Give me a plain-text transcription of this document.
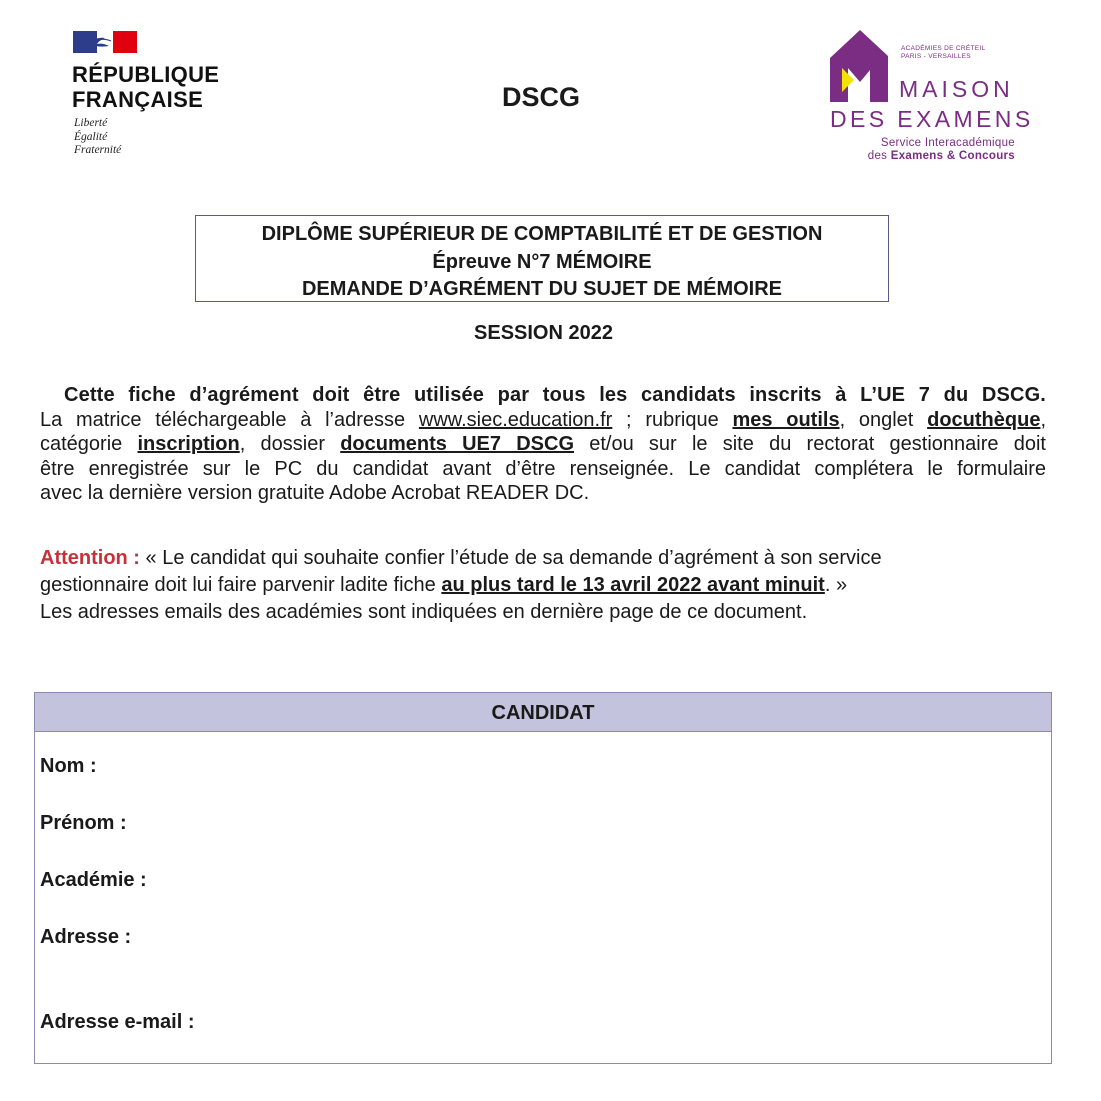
RÉPUBLIQUE
FRANÇAISE
Liberté
Égalité
Fraternité
DSCG
ACADÉMIES DE CRÉTEIL
PARIS - VERSAILLES
MAISON
DES EXAMENS
Service Interacadémique
des Examens & Concours
DIPLÔME SUPÉRIEUR DE COMPTABILITÉ ET DE GESTION
Épreuve N°7 MÉMOIRE
DEMANDE D’AGRÉMENT DU SUJET DE MÉMOIRE
SESSION 2022
Cette fiche d’agrément doit être utilisée par tous les candidats inscrits à L’UE 7 du DSCG.
La matrice téléchargeable à l’adresse www.siec.education.fr ; rubrique mes outils, onglet docuthèque,
catégorie inscription, dossier documents UE7 DSCG et/ou sur le site du rectorat gestionnaire doit
être enregistrée sur le PC du candidat avant d’être renseignée. Le candidat complétera le formulaire
avec la dernière version gratuite Adobe Acrobat READER DC.
Attention : « Le candidat qui souhaite confier l’étude de sa demande d’agrément à son service
gestionnaire doit lui faire parvenir ladite fiche au plus tard le 13 avril 2022 avant minuit. »
Les adresses emails des académies sont indiquées en dernière page de ce document.
CANDIDAT
Nom :
Prénom :
Académie :
Adresse :
Adresse e-mail :
